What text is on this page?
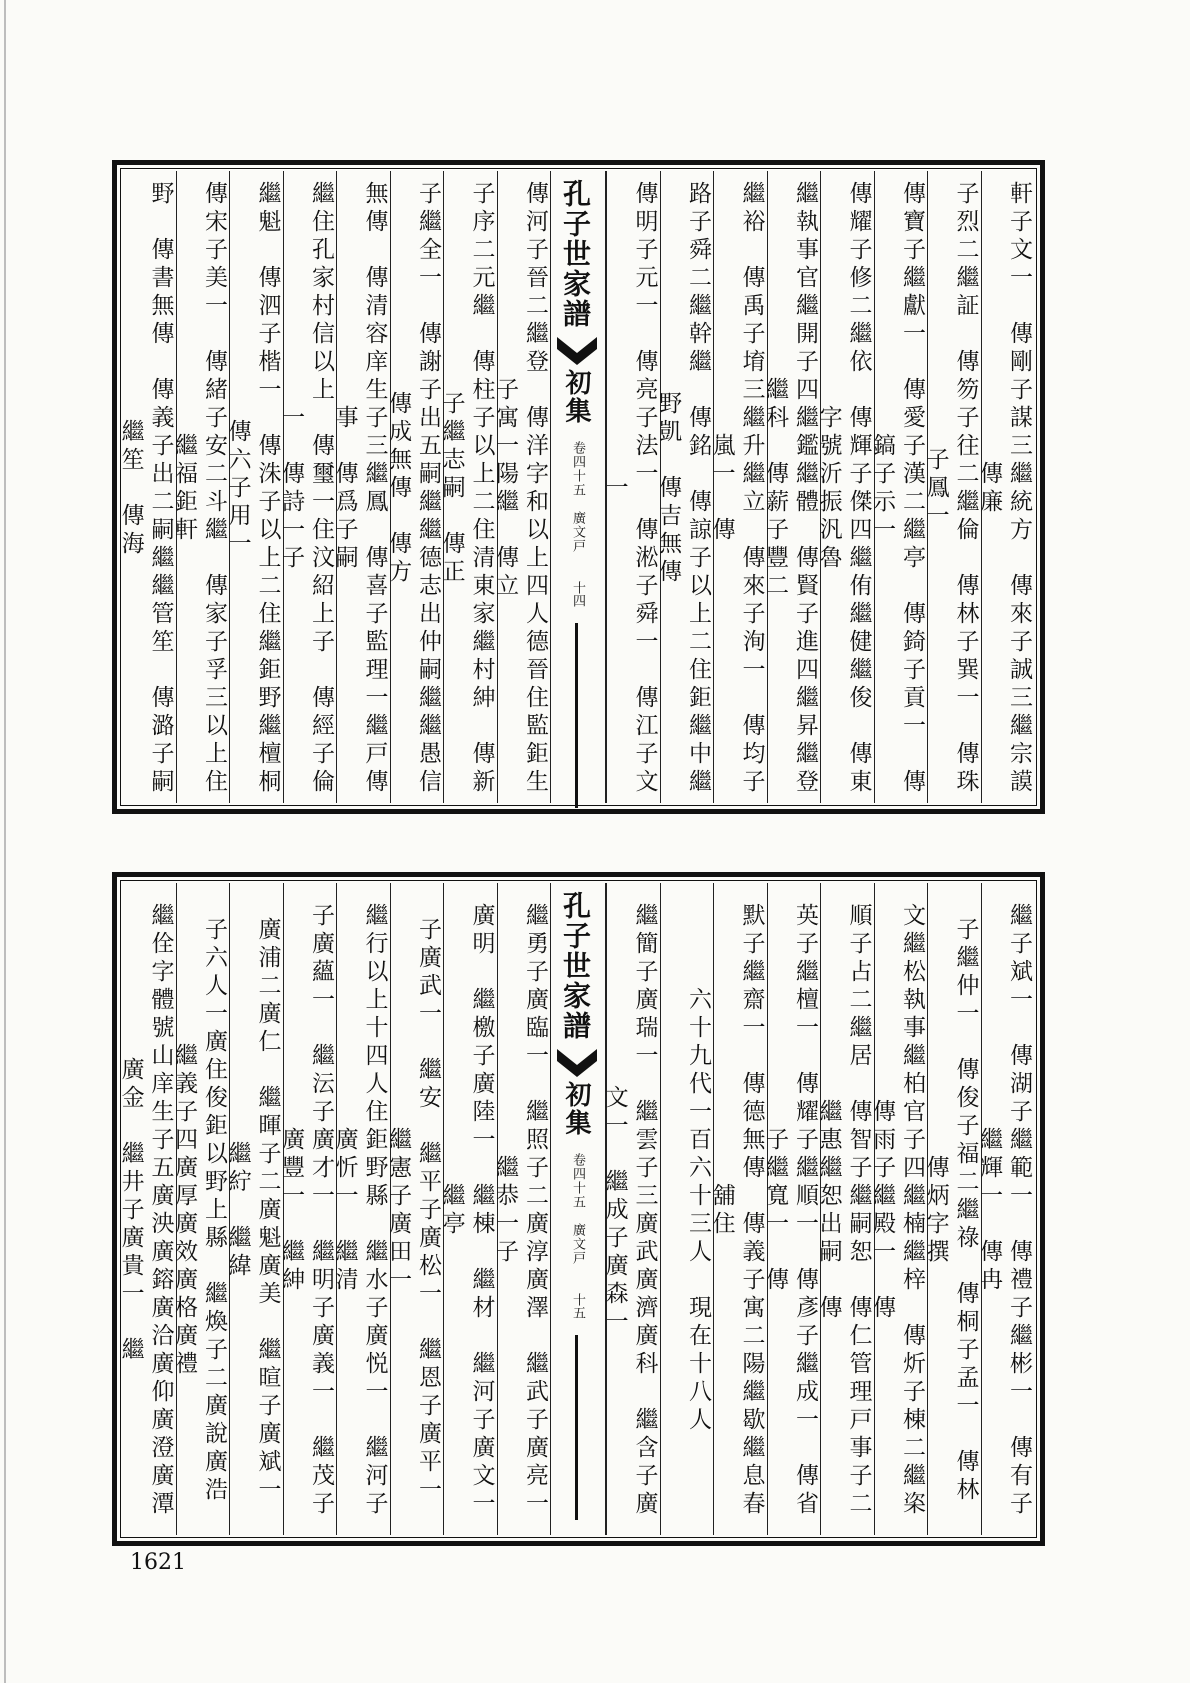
軒子文一　傳剛子謀三繼統方　傳來子誠三繼宗謨　傳廉
子烈二繼証　傳笏子往二繼倫　傳林子巽一　傳珠子鳳一
傳寶子繼獻一　傳愛子漢二繼亭　傳錡子貢一　傳鎬子示一
傳耀子修二繼依　傳輝子傑四繼侑繼健繼俊　傳東字號沂振汎魯
繼執事官繼開子四繼鑑繼體　傳賢子進四繼昇繼登繼科　傳薪子豐二
繼裕　傳禹子堉三繼升繼立　傳來子洵一　傳均子嵐一　傳
路子舜二繼幹繼　傳銘　傳諒子以上二住鉅繼中繼野凱　傳吉無傳
傳明子元一　傳亮子法一　傳淞子舜一　傳江子文一
孔子世家譜
初集
卷四十五　廣文戸
十四
傳河子晉二繼登　傳洋字和以上四人德晉住監鉅生子寓一陽繼　傳立
子序二元繼　傳柱子以上二住清東家繼村紳　傳新子繼志嗣　傳正
子繼全一　傳謝子出五嗣繼繼德志出仲嗣繼繼愚信　傳成無傳　傳方
無傳　傳清容庠生子三繼鳳　傳喜子監理一繼戸傳事　傳爲子嗣
繼住孔家村信以上　傳璽一住汶紹上子　傳經子倫一　傳詩一子
繼魁　傳泗子楷一　傳洙子以上二住繼鉅野繼檀桐　傳六子用一
傳宋子美一　傳緒子安二斗繼　傳家子孚三以上住繼福鉅軒
野　傳書無傳　傳義子出二嗣繼繼管笙　傳潞子嗣繼笙　傳海
繼子斌一　傳湖子繼範一　傳禮子繼彬一　傳有子繼輝一　傳冉
子繼仲一　傳俊子福二繼祿　傳桐子孟一　傳林　傳炳字撰
文繼松執事繼柏官子四繼楠繼梓　傳炘子棟二繼栥　傳雨子繼殿一　傳
順子占二繼居　傳智子繼嗣恕　傳仁管理戸事子二繼惠繼恕出嗣　傳
英子繼檀一　傳耀子繼順一　傳彥子繼成一　傳省子繼寬一　傳
默子繼齋一　傳德無傳　傳義子寓二陽繼歇繼息春舖住
六十九代一百六十三人　現在十八人
繼簡子廣瑞一　繼雲子三廣武廣濟廣科　繼含子廣文一　繼成子廣森一
孔子世家譜
初集
卷四十五　廣文戸
十五
繼勇子廣臨一　繼照子二廣淳廣澤　繼武子廣亮一　繼恭一子
廣明　繼檄子廣陸一　繼棟　繼材　繼河子廣文一　繼亭
子廣武一　繼安　繼平子廣松一　繼恩子廣平一　繼憲子廣田一
繼行以上十四人住鉅野縣　繼水子廣悦一　繼河子廣忻一　繼清
子廣蘊一　繼沄子廣才一　繼明子廣義一　繼茂子廣豐一　繼紳
廣浦二廣仁　繼暉子二廣魁廣美　繼暄子廣斌一　繼紵　繼緯
子六人一廣住俊鉅以野上縣　繼煥子二廣說廣浩　繼義子四廣厚廣效廣格廣禮
繼佺字體號山庠生子五廣泱廣鎔廣洽廣仰廣澄廣潭廣金　繼井子廣貴一　繼
1621
